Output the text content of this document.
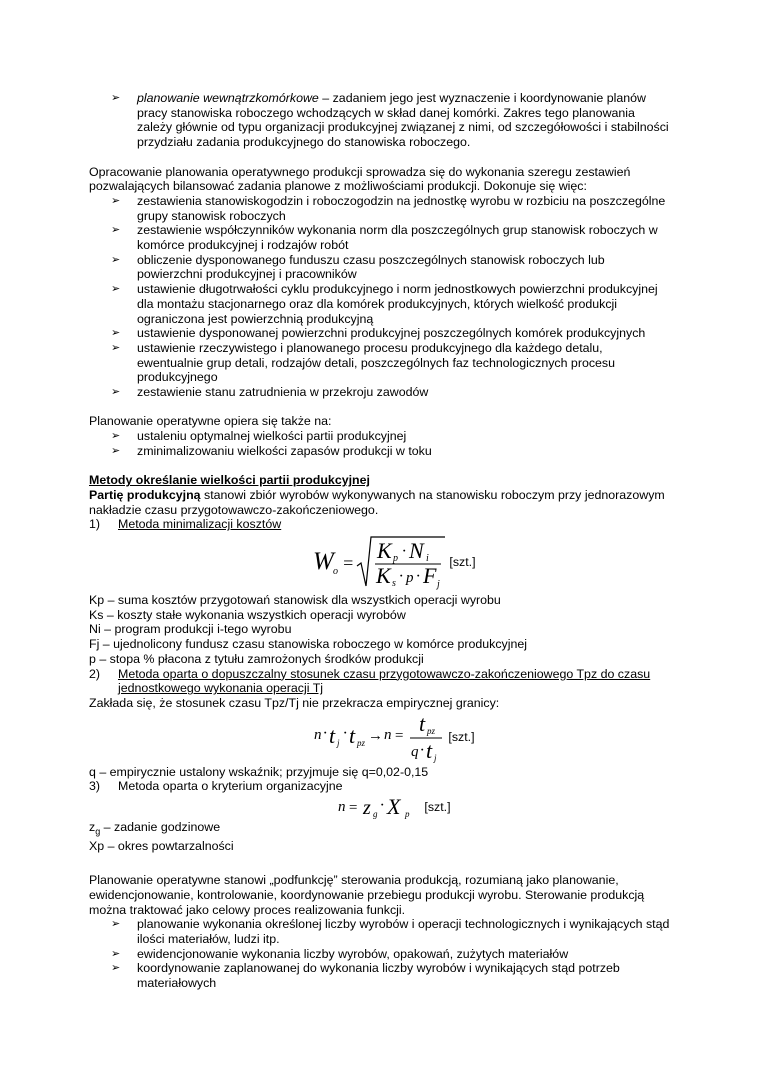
➢ planowanie wewnątrzkomórkowe – zadaniem jego jest wyznaczenie i koordynowanie planów pracy stanowiska roboczego wchodzących w skład danej komórki. Zakres tego planowania zależy głównie od typu organizacji produkcyjnej związanej z nimi, od szczegółowości i stabilności przydziału zadania produkcyjnego do stanowiska roboczego.

Opracowanie planowania operatywnego produkcji sprowadza się do wykonania szeregu zestawień pozwalających bilansować zadania planowe z możliwościami produkcji. Dokonuje się więc:

➢ zestawienia stanowiskogodzin i roboczogodzin na jednostkę wyrobu w rozbiciu na poszczególne grupy stanowisk roboczych
➢ zestawienie współczynników wykonania norm dla poszczególnych grup stanowisk roboczych w komórce produkcyjnej i rodzajów robót
➢ obliczenie dysponowanego funduszu czasu poszczególnych stanowisk roboczych lub powierzchni produkcyjnej i pracowników
➢ ustawienie długotrwałości cyklu produkcyjnego i norm jednostkowych powierzchni produkcyjnej dla montażu stacjonarnego oraz dla komórek produkcyjnych, których wielkość produkcji ograniczona jest powierzchnią produkcyjną
➢ ustawienie dysponowanej powierzchni produkcyjnej poszczególnych komórek produkcyjnych
➢ ustawienie rzeczywistego i planowanego procesu produkcyjnego dla każdego detalu, ewentualnie grup detali, rodzajów detali, poszczególnych faz technologicznych procesu produkcyjnego
➢ zestawienie stanu zatrudnienia w przekroju zawodów

Planowanie operatywne opiera się także na:

➢ ustaleniu optymalnej wielkości partii produkcyjnej
➢ zminimalizowaniu wielkości zapasów produkcji w toku

Metody określanie wielkości partii produkcyjnej

Partię produkcyjną stanowi zbiór wyrobów wykonywanych na stanowisku roboczym przy jednorazowym nakładzie czasu przygotowawczo-zakończeniowego.

1) Metoda minimalizacji kosztów
W o = K p · N i
K s · p · F j
[szt.]

Kp – suma kosztów przygotowań stanowisk dla wszystkich operacji wyrobu

Ks – koszty stałe wykonania wszystkich operacji wyrobów

Ni – program produkcji i-tego wyrobu

Fj – ujednolicony fundusz czasu stanowiska roboczego w komórce produkcyjnej

p – stopa % płacona z tytułu zamrożonych środków produkcji

2) Metoda oparta o dopuszczalny stosunek czasu przygotowawczo-zakończeniowego Tpz do czasu jednostkowego wykonania operacji Tj

Zakłada się, że stosunek czasu Tpz/Tj nie przekracza empirycznej granicy:

n · t j
· t pz → n = t pz
q · t j
[szt.]

q – empirycznie ustalony wskaźnik; przyjmuje się q=0,02-0,15

3) Metoda oparta o kryterium organizacyjne
n = z g · X p
[szt.]

$z_g$ – zadanie godzinowe

Xp – okres powtarzalności

Planowanie operatywne stanowi „podfunkcję” sterowania produkcją, rozumianą jako planowanie, ewidencjonowanie, kontrolowanie, koordynowanie przebiegu produkcji wyrobu. Sterowanie produkcją można traktować jako celowy proces realizowania funkcji.

➢ planowanie wykonania określonej liczby wyrobów i operacji technologicznych i wynikających stąd ilości materiałów, ludzi itp.
➢ ewidencjonowanie wykonania liczby wyrobów, opakowań, zużytych materiałów
➢ koordynowanie zaplanowanej do wykonania liczby wyrobów i wynikających stąd potrzeb materiałowych
